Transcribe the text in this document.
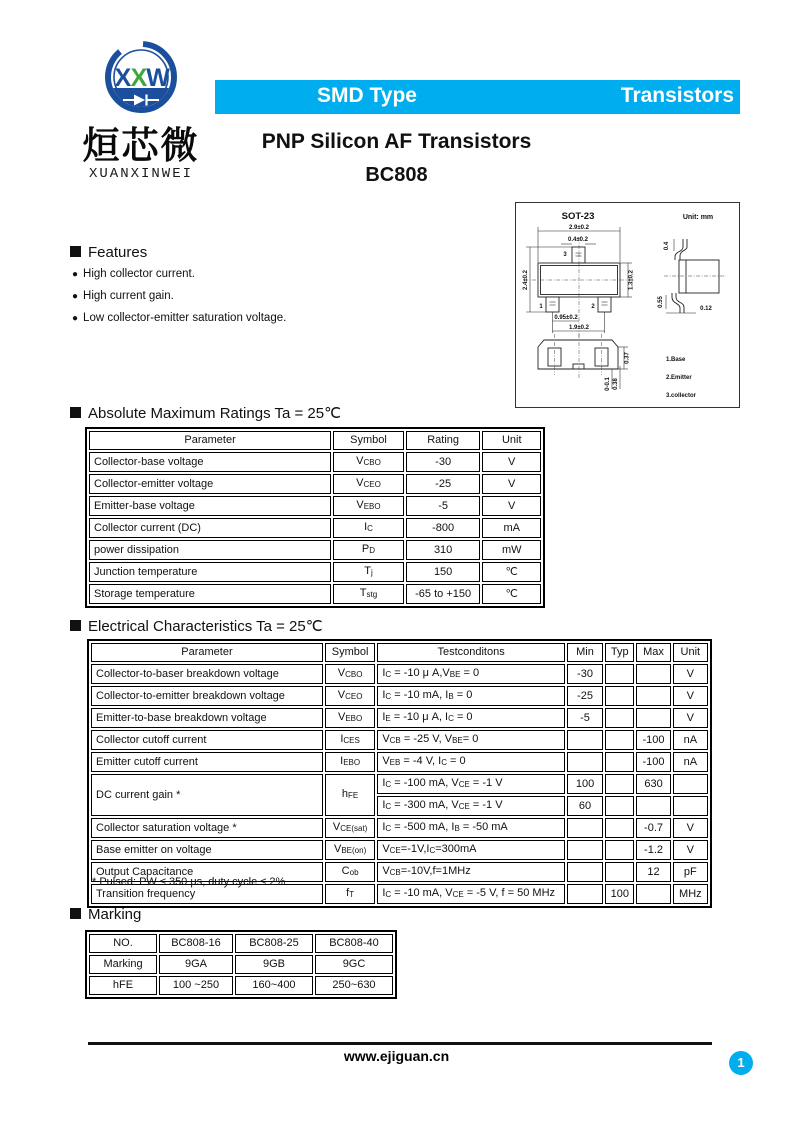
X X
W
烜芯微
XUANXINWEI
SMD Type	Transistors
PNP Silicon AF Transistors
BC808
SOT-23	Unit: mm
2.9±0.2
0.4±0.2
3
1	2
2.4±0.2	1.3±0.2
0.95±0.2
1.9±0.2
0.4
0.55
0.12
0.37
0-0.1 0.38
1.Base
2.Emitter
3.collector
Features
● High collector current.
● High current gain.
● Low collector-emitter saturation voltage.
Absolute Maximum Ratings Ta = 25℃
Parameter	Symbol	Rating	Unit
Collector-base voltage	VCBO	-30	V
Collector-emitter voltage	VCEO	-25	V
Emitter-base voltage	VEBO	-5	V
Collector current (DC)	IC	-800	mA
power dissipation	PD	310	mW
Junction temperature	Tj	150	℃
Storage temperature	Tstg	-65 to +150	℃
Electrical Characteristics Ta = 25℃
Parameter	Symbol	Testconditons	Min	Typ	Max	Unit
Collector-to-baser breakdown voltage	VCBO	IC = -10 μ A,VBE = 0	-30			V
Collector-to-emitter breakdown voltage	VCEO	IC = -10 mA, IB = 0	-25			V
Emitter-to-base breakdown voltage	VEBO	IE = -10 μ A, IC = 0	-5			V
Collector cutoff current	ICES	VCB = -25 V, VBE= 0			-100	nA
Emitter cutoff current	IEBO	VEB = -4 V, IC = 0			-100	nA
DC current gain *	hFE	IC = -100 mA, VCE = -1 V	100		630	
		IC = -300 mA, VCE = -1 V	60			
Collector saturation voltage *	VCE(sat)	IC = -500 mA, IB = -50 mA			-0.7	V
Base emitter on voltage	VBE(on)	VCE=-1V,IC=300mA			-1.2	V
Output Capacitance	Cob	VCB=-10V,f=1MHz			12	pF
Transition frequency	fT	IC = -10 mA, VCE = -5 V, f = 50 MHz		100		MHz
* Pulsed: PW ≤ 350 μs, duty cycle ≤ 2%
Marking
NO.	BC808-16	BC808-25	BC808-40
Marking	9GA	9GB	9GC
hFE	100 ~250	160~400	250~630
www.ejiguan.cn	1
